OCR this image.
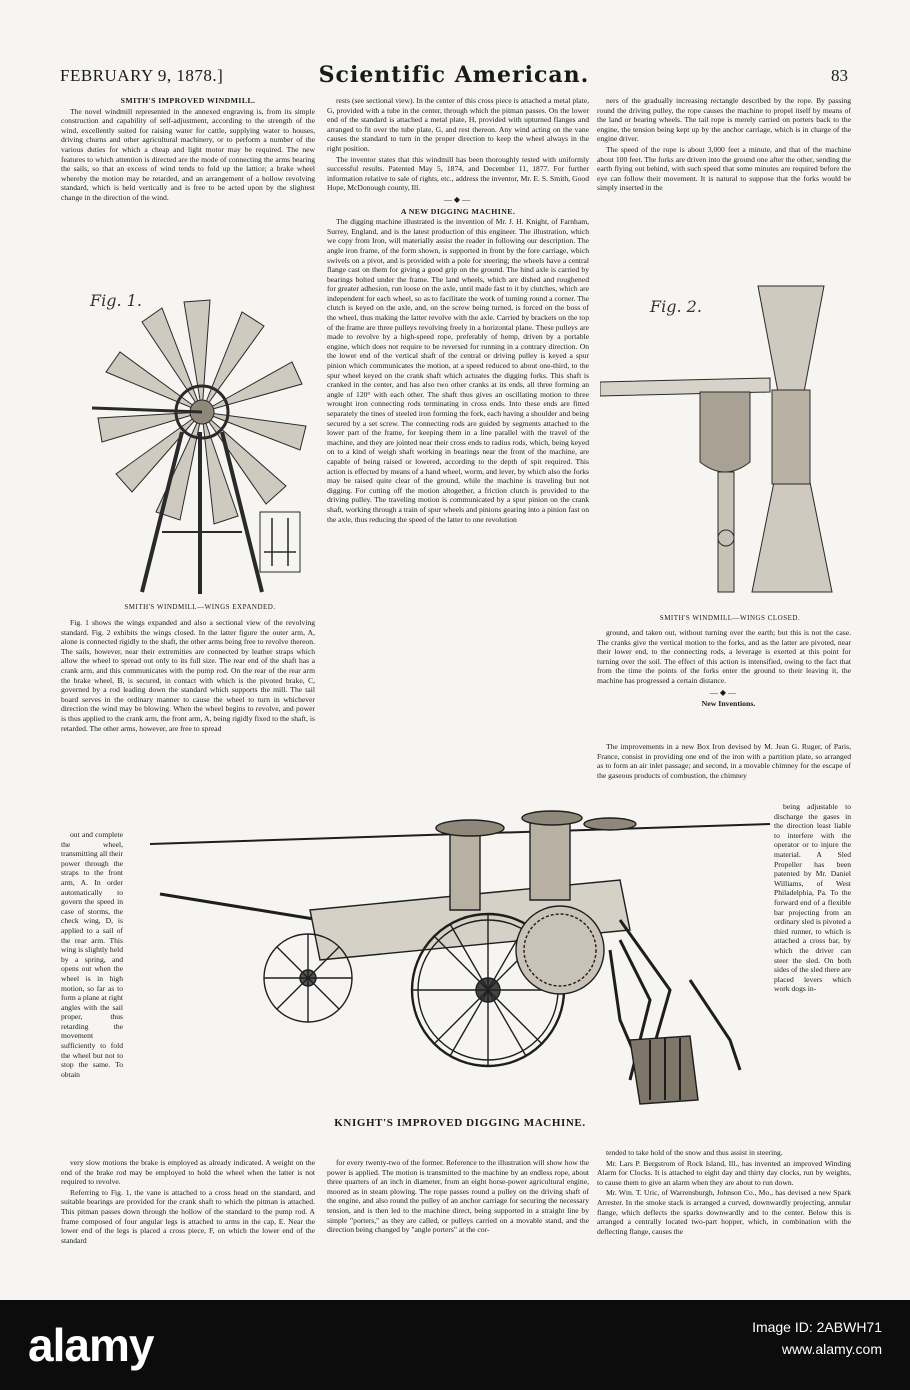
FEBRUARY 9, 1878.]	Scientific American.	83

SMITH'S IMPROVED WINDMILL.

The novel windmill represented in the annexed engraving is, from its simple construction and capability of self-adjustment, according to the strength of the wind, excellently suited for raising water for cattle, supplying water to houses, driving churns and other agricultural machinery, or to perform a number of the various duties for which a cheap and light motor may be required. The new features to which attention is directed are the mode of connecting the arms bearing the sails, so that an excess of wind tends to fold up the lattice; a brake wheel whereby the motion may be retarded, and an arrangement of a hollow revolving standard, which is held vertically and is free to be acted upon by the slightest change in the direction of the wind.

Fig. 1.
SMITH'S WINDMILL—WINGS EXPANDED.

Fig. 1 shows the wings expanded and also a sectional view of the revolving standard. Fig. 2 exhibits the wings closed. In the latter figure the outer arm, A, alone is connected rigidly to the shaft, the other arms being free to revolve thereon. The sails, however, near their extremities are connected by leather straps which allow the wheel to spread out only to its full size. The rear end of the shaft has a crank arm, and this communicates with the pump rod. On the rear of the rear arm the brake wheel, B, is secured, in contact with which is the pivoted brake, C, governed by a rod leading down the standard which supports the mill. The tail board serves in the ordinary manner to cause the wheel to turn in whichever direction the wind may be blowing. When the wheel begins to revolve, and power is thus applied to the crank arm, the front arm, A, being rigidly fixed to the shaft, is retarded. The other arms, however, are free to spread

out and complete the wheel, transmitting all their power through the straps to the front arm, A. In order automatically to govern the speed in case of storms, the check wing, D, is applied to a sail of the rear arm. This wing is slightly held by a spring, and opens out when the wheel is in high motion, so far as to form a plane at right angles with the sail proper, thus retarding the movement sufficiently to fold the wheel but not to stop the same. To obtain

very slow motions the brake is employed as already indicated. A weight on the end of the brake rod may be employed to hold the wheel when the latter is not required to revolve.

Referring to Fig. 1, the vane is attached to a cross head on the standard, and suitable bearings are provided for the crank shaft to which the pitman is attached. This pitman passes down through the hollow of the standard to the pump rod. A frame composed of four angular legs is attached to arms in the cap, E. Near the lower end of the legs is placed a cross piece, F, on which the lower end of the standard

rests (see sectional view). In the center of this cross piece is attached a metal plate, G, provided with a tube in the center, through which the pitman passes. On the lower end of the standard is attached a metal plate, H, provided with upturned flanges and arranged to fit over the tube plate, G, and rest thereon. Any wind acting on the vane causes the standard to turn in the proper direction to keep the wheel always in the right position.

The inventor states that this windmill has been thoroughly tested with uniformly successful results. Patented May 5, 1874, and December 11, 1877. For further information relative to sale of rights, etc., address the inventor, Mr. E. S. Smith, Good Hope, McDonough county, Ill.

—◆—

A NEW DIGGING MACHINE.

The digging machine illustrated is the invention of Mr. J. H. Knight, of Farnham, Surrey, England, and is the latest production of this engineer. The illustration, which we copy from Iron, will materially assist the reader in following our description. The angle iron frame, of the form shown, is supported in front by the fore carriage, which swivels on a pivot, and is provided with a pole for steering; the wheels have a central flange cast on them for giving a good grip on the ground. The hind axle is carried by bearings bolted under the frame. The land wheels, which are dished and roughened for greater adhesion, run loose on the axle, until made fast to it by clutches, which are independent for each wheel, so as to facilitate the work of turning round a corner. The clutch is keyed on the axle, and, on the screw being turned, is forced on the boss of the wheel, thus making the latter revolve with the axle. Carried by brackets on the top of the frame are three pulleys revolving freely in a horizontal plane. These pulleys are made to revolve by a high-speed rope, preferably of hemp, driven by a portable engine, which does not require to be reversed for running in a contrary direction. On the lower end of the vertical shaft of the central or driving pulley is keyed a spur pinion which communicates the motion, at a speed reduced to about one-third, to the spur wheel keyed on the crank shaft which actuates the digging forks. This shaft is cranked in the center, and has also two other cranks at its ends, all three forming an angle of 120° with each other. The shaft thus gives an oscillating motion to three wrought iron connecting rods terminating in cross ends. Into these ends are fitted separately the tines of steeled iron forming the fork, each having a shoulder and being secured by a set screw. The connecting rods are guided by segments attached to the lower part of the frame, for keeping them in a line parallel with the travel of the machine, and they are jointed near their cross ends to radius rods, which, being keyed on to a kind of weigh shaft working in bearings near the front of the machine, are capable of being raised or lowered, according to the depth of spit required. This action is effected by means of a hand wheel, worm, and lever, by which also the forks may be raised quite clear of the ground, while the machine is traveling but not digging. For cutting off the motion altogether, a friction clutch is provided to the driving pulley. The traveling motion is communicated by a spur pinion on the crank shaft, working through a train of spur wheels and pinions gearing into a pinion fast on the axle, thus reducing the speed of the latter to one revolution

ners of the gradually increasing rectangle described by the rope. By passing round the driving pulley, the rope causes the machine to propel itself by means of the land or bearing wheels. The tail rope is merely carried on porters back to the engine, the tension being kept up by the anchor carriage, which is in charge of the engine driver.

The speed of the rope is about 3,000 feet a minute, and that of the machine about 100 feet. The forks are driven into the ground one after the other, sending the earth flying out behind, with such speed that some minutes are required before the eye can follow their movement. It is natural to suppose that the forks would be simply inserted in the

Fig. 2.
SMITH'S WINDMILL—WINGS CLOSED.

ground, and taken out, without turning over the earth; but this is not the case. The cranks give the vertical motion to the forks, and as the latter are pivoted, near their lower end, to the connecting rods, a leverage is exerted at this point for turning over the soil. The effect of this action is intensified, owing to the fact that from the time the points of the forks enter the ground to their leaving it, the machine has progressed a certain distance.

—◆—

New Inventions.

The improvements in a new Box Iron devised by M. Jean G. Ruger, of Paris, France, consist in providing one end of the iron with a partition plate, so arranged as to form an air inlet passage; and second, in a movable chimney for the escape of the gaseous products of combustion, the chimney

being adjustable to discharge the gases in the direction least liable to interfere with the operator or to injure the material. A Sled Propeller has been patented by Mr. Daniel Williams, of West Philadelphia, Pa. To the forward end of a flexible bar projecting from an ordinary sled is pivoted a third runner, to which is attached a cross bar, by which the driver can steer the sled. On both sides of the sled there are placed levers which work dogs in-

KNIGHT'S IMPROVED DIGGING MACHINE.

for every twenty-two of the former. Reference to the illustration will show how the power is applied. The motion is transmitted to the machine by an endless rope, about three quarters of an inch in diameter, from an eight horse-power agricultural engine, moored as in steam plowing. The rope passes round a pulley on the driving shaft of the engine, and also round the pulley of an anchor carriage for securing the necessary tension, and is then led to the machine direct, being supported in a straight line by simple "porters," as they are called, or pulleys carried on a movable stand, and the direction being changed by "angle porters" at the cor-

tended to take hold of the snow and thus assist in steering.

Mr. Lars P. Bergstrom of Rock Island, Ill., has invented an improved Winding Alarm for Clocks. It is attached to eight day and thirty day clocks, run by weights, to cause them to give an alarm when they are about to run down.

Mr. Wm. T. Uric, of Warrensburgh, Johnson Co., Mo., has devised a new Spark Arrester. In the smoke stack is arranged a curved, downwardly projecting, annular flange, which deflects the sparks downwardly and to the center. Below this is arranged a centrally located two-part hopper, which, in combination with the deflecting flange, causes the

alamy	Image ID: 2ABWH71
www.alamy.com
